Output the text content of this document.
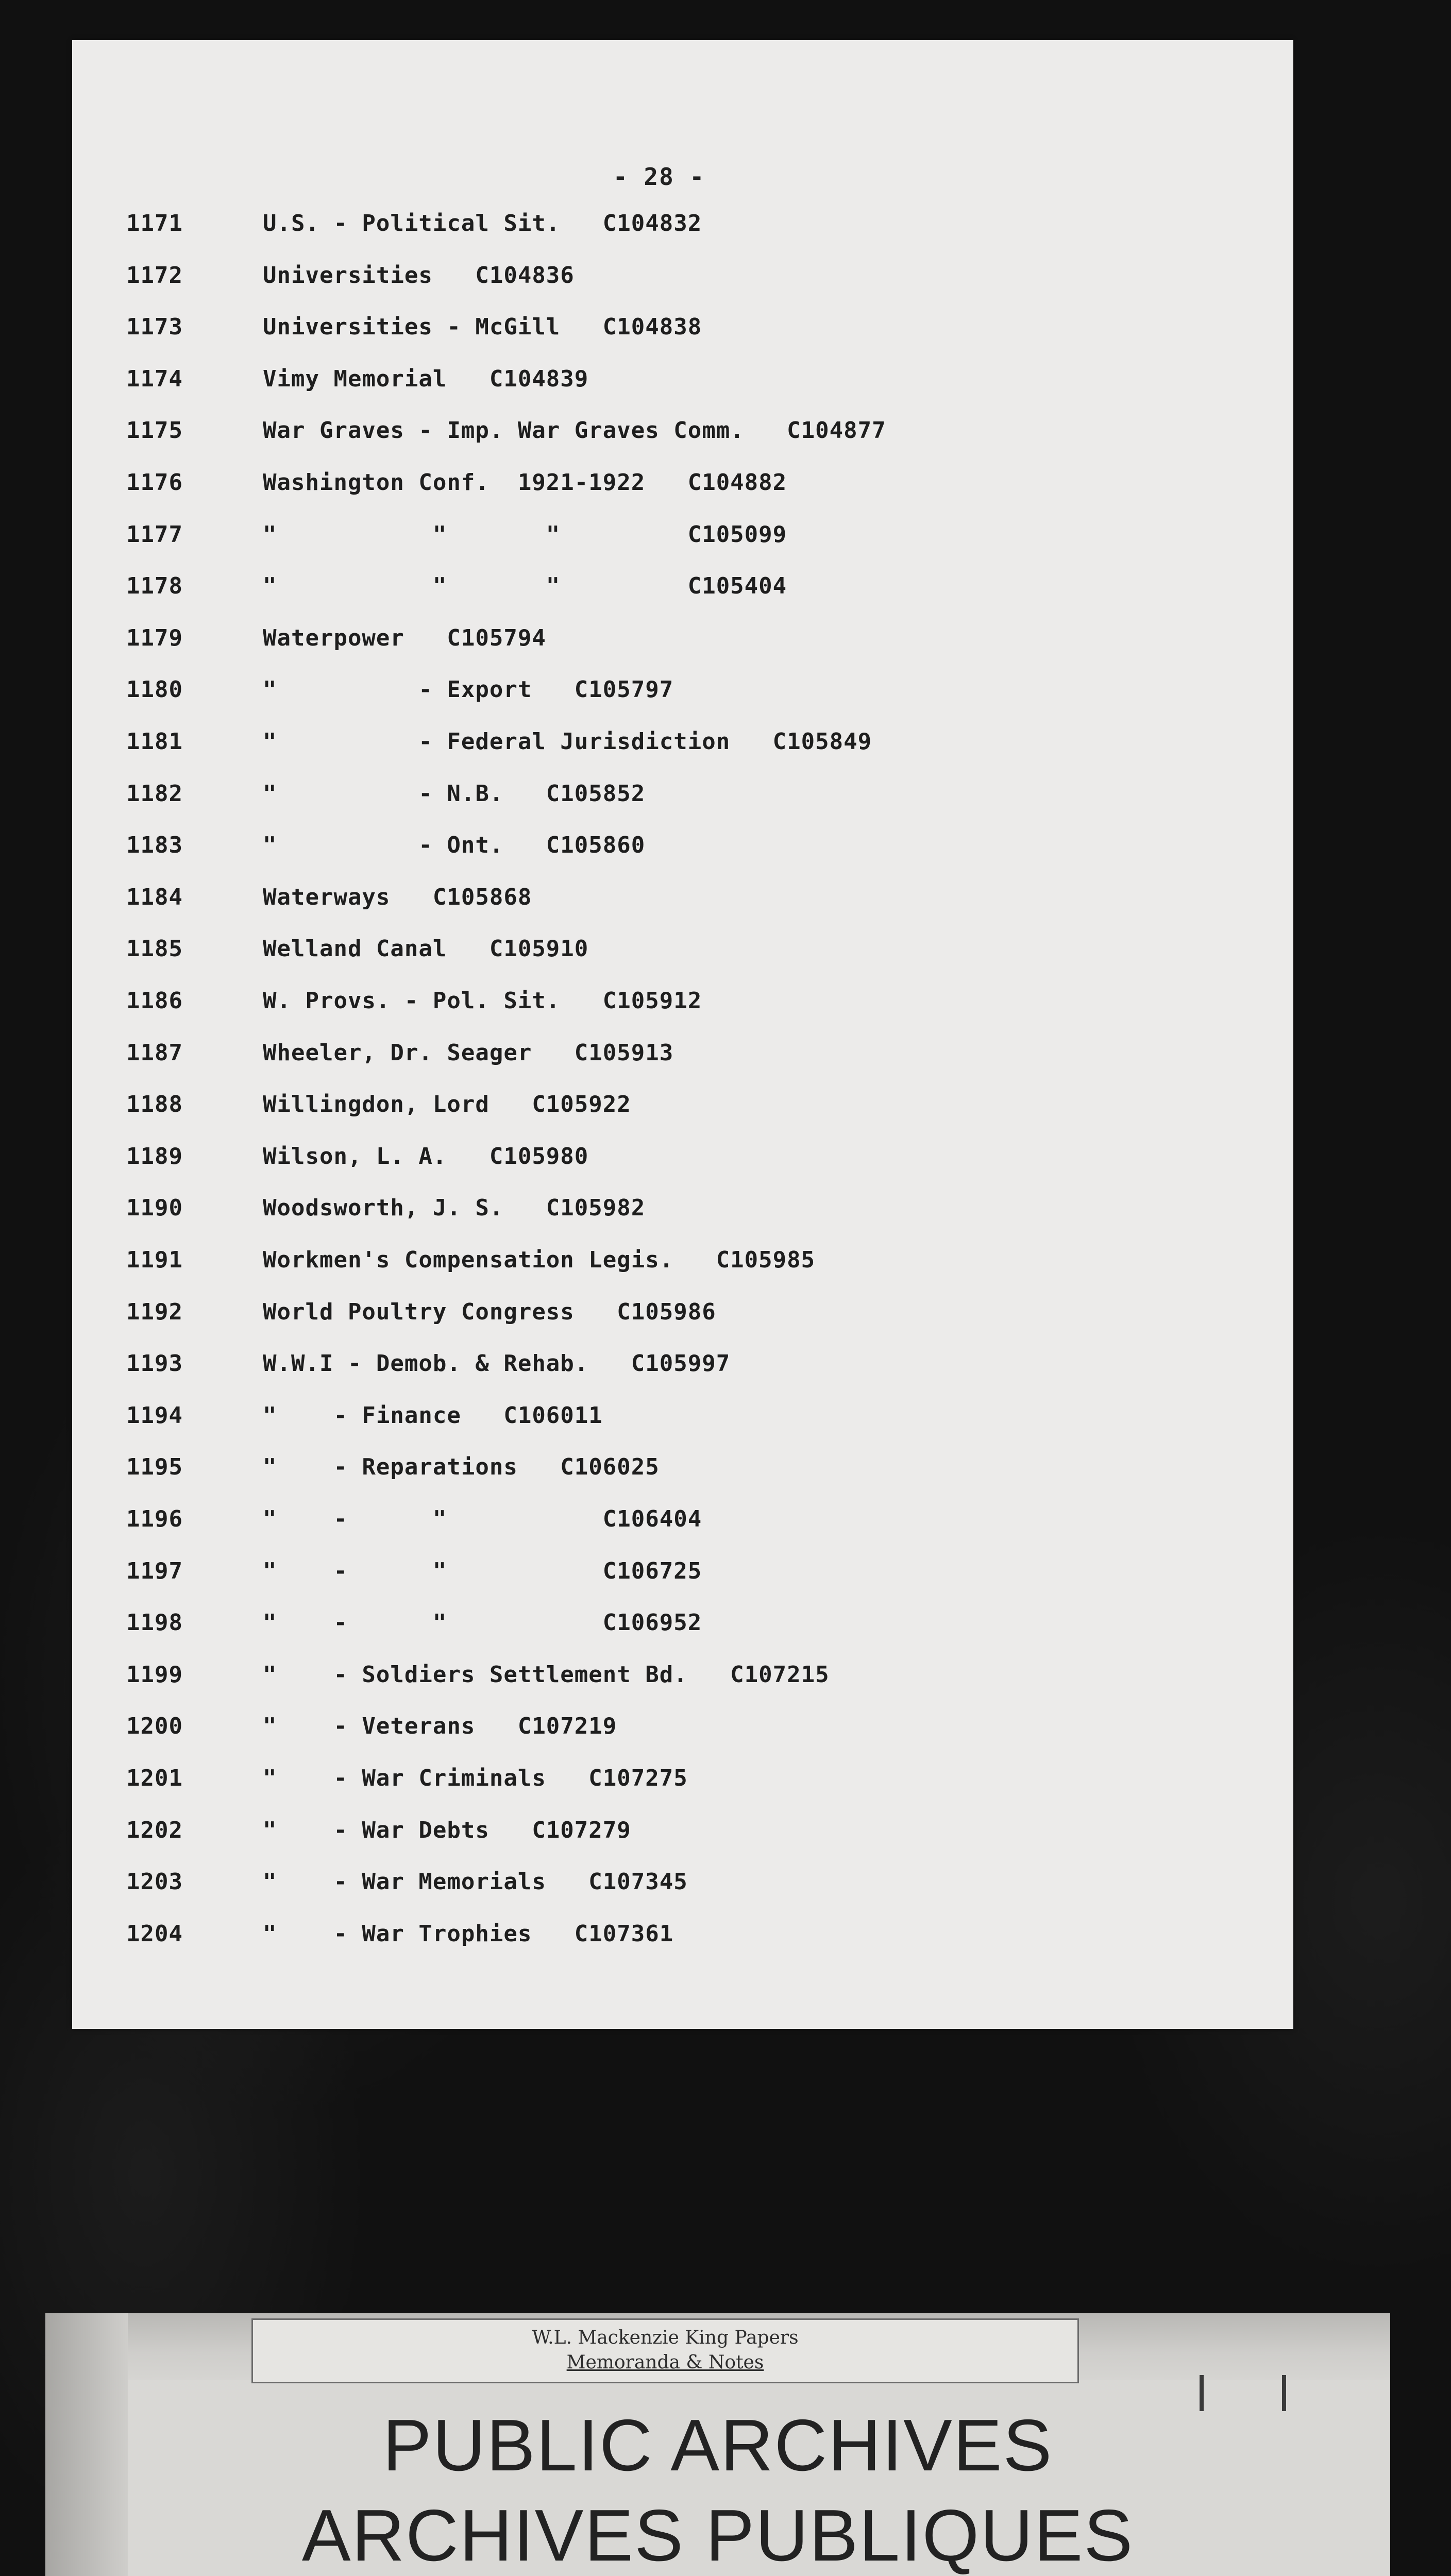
- 28 -
1171	U.S. - Political Sit.   C104832
1172	Universities   C104836
1173	Universities - McGill   C104838
1174	Vimy Memorial   C104839
1175	War Graves - Imp. War Graves Comm.   C104877
1176	Washington Conf.  1921-1922   C104882
1177	"           "       "         C105099
1178	"           "       "         C105404
1179	Waterpower   C105794
1180	"          - Export   C105797
1181	"          - Federal Jurisdiction   C105849
1182	"          - N.B.   C105852
1183	"          - Ont.   C105860
1184	Waterways   C105868
1185	Welland Canal   C105910
1186	W. Provs. - Pol. Sit.   C105912
1187	Wheeler, Dr. Seager   C105913
1188	Willingdon, Lord   C105922
1189	Wilson, L. A.   C105980
1190	Woodsworth, J. S.   C105982
1191	Workmen's Compensation Legis.   C105985
1192	World Poultry Congress   C105986
1193	W.W.I - Demob. & Rehab.   C105997
1194	"    - Finance   C106011
1195	"    - Reparations   C106025
1196	"    -      "           C106404
1197	"    -      "           C106725
1198	"    -      "           C106952
1199	"    - Soldiers Settlement Bd.   C107215
1200	"    - Veterans   C107219
1201	"    - War Criminals   C107275
1202	"    - War Debts   C107279
1203	"    - War Memorials   C107345
1204	"    - War Trophies   C107361
W.L. Mackenzie King Papers
Memoranda & Notes
PUBLIC ARCHIVES
ARCHIVES PUBLIQUES
